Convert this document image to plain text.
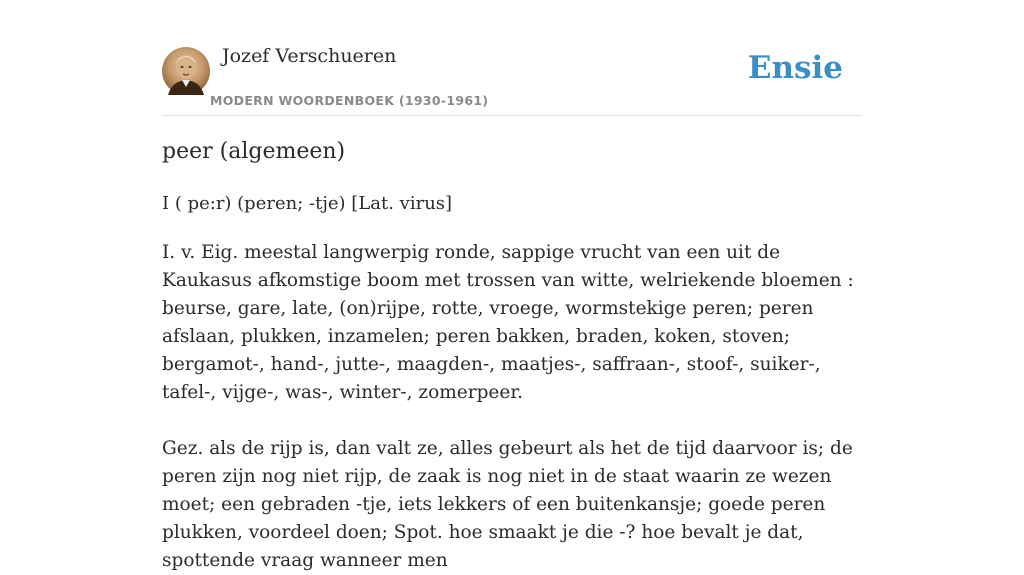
Jozef Verschueren
MODERN WOORDENBOEK (1930-1961)
Ensie
peer (algemeen)
I ( pe:r) (peren; -tje) [Lat. virus]

I. v. Eig. meestal langwerpig ronde, sappige vrucht van een uit de Kaukasus afkomstige boom met trossen van witte, welriekende bloemen : beurse, gare, late, (on)rijpe, rotte, vroege, wormstekige peren; peren afslaan, plukken, inzamelen; peren bakken, braden, koken, stoven; bergamot-, hand-, jutte-, maagden-, maatjes-, saffraan-, stoof-, suiker-, tafel-, vijge-, was-, winter-, zomerpeer.

Gez. als de rijp is, dan valt ze, alles gebeurt als het de tijd daarvoor is; de peren zijn nog niet rijp, de zaak is nog niet in de staat waarin ze wezen moet; een gebraden -tje, iets lekkers of een buitenkansje; goede peren plukken, voordeel doen; Spot. hoe smaakt je die -? hoe bevalt je dat, spottende vraag wanneer men
